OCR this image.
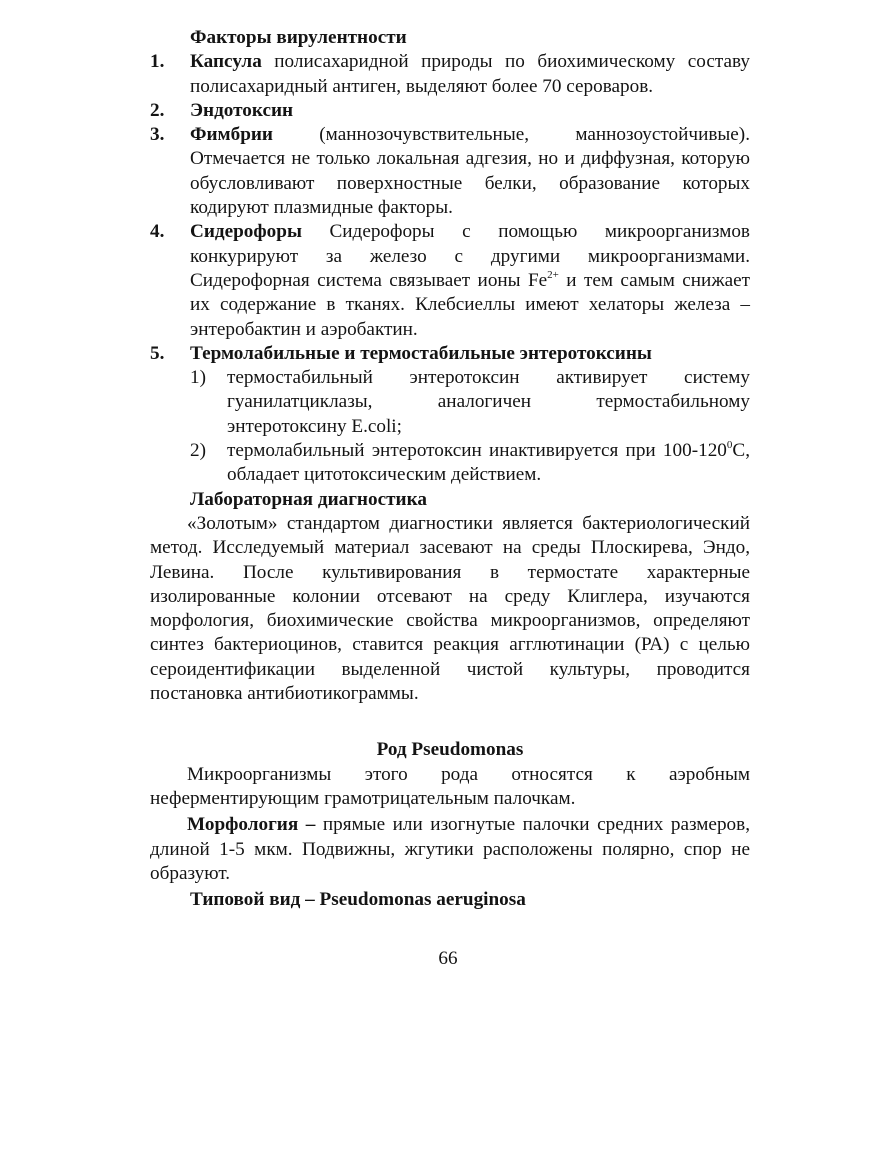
Факторы вирулентности

1. Капсула полисахаридной природы по биохимическому составу полисахаридный антиген, выделяют более 70 сероваров.
2. Эндотоксин
3. Фимбрии (маннозочувствительные, маннозоустойчивые). Отмечается не только локальная адгезия, но и диффузная, которую обусловливают поверхностные белки, образование которых кодируют плазмидные факторы.
4. Сидерофоры Сидерофоры с помощью микроорганизмов конкурируют за железо с другими микроорганизмами. Сидерофорная система связывает ионы $Fe^{2+}$ и тем самым снижает их содержание в тканях. Клебсиеллы имеют хелаторы железа – энтеробактин и аэробактин.
5. Термолабильные и термостабильные энтеротоксины
1) термостабильный энтеротоксин активирует систему гуанилатциклазы, аналогичен термостабильному энтеротоксину E.coli;
2) термолабильный энтеротоксин инактивируется при $100-120^0С$, обладает цитотоксическим действием.

Лабораторная диагностика

«Золотым» стандартом диагностики является бактериологический метод. Исследуемый материал засевают на среды Плоскирева, Эндо, Левина. После культивирования в термостате характерные изолированные колонии отсевают на среду Клиглера, изучаются морфология, биохимические свойства микроорганизмов, определяют синтез бактериоцинов, ставится реакция агглютинации (РА) с целью сероидентификации выделенной чистой культуры, проводится постановка антибиотикограммы.

Род Pseudomonas

Микроорганизмы этого рода относятся к аэробным неферментирующим грамотрицательным палочкам.

Морфология – прямые или изогнутые палочки средних размеров, длиной 1-5 мкм. Подвижны, жгутики расположены полярно, спор не образуют.

Типовой вид – Pseudomonas aeruginosa

66
